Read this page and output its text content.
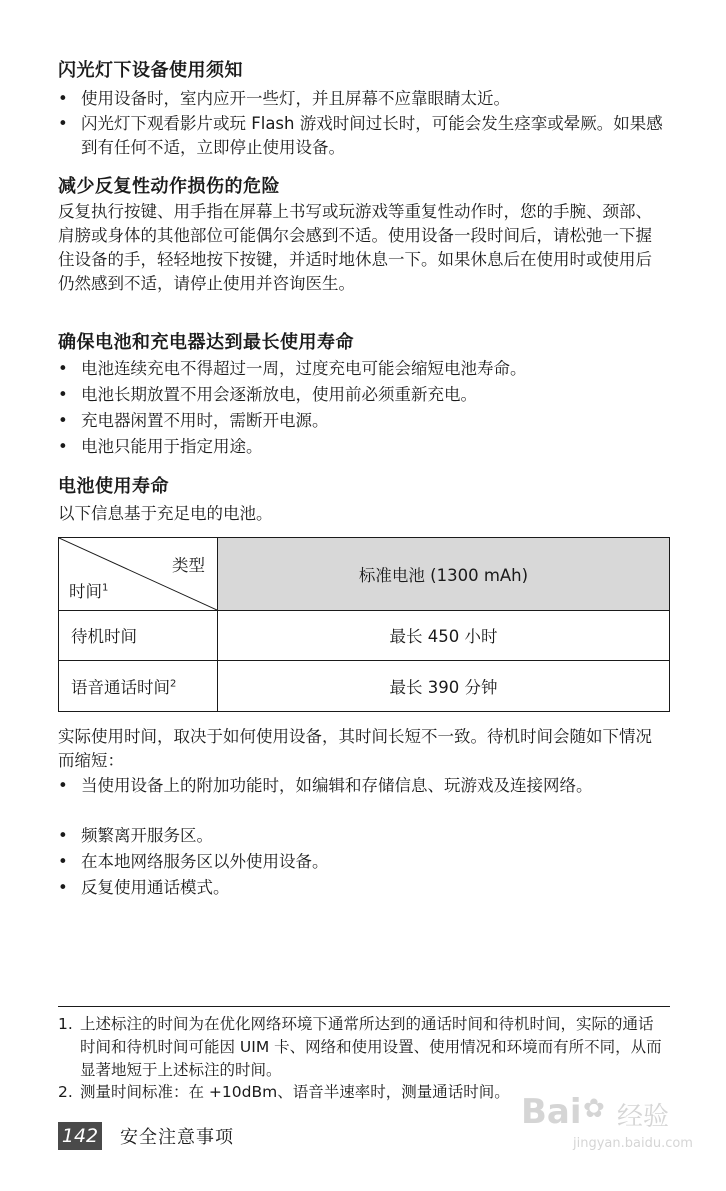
闪光灯下设备使用须知
• 使用设备时，室内应开一些灯，并且屏幕不应靠眼睛太近。
• 闪光灯下观看影片或玩 Flash 游戏时间过长时，可能会发生痉挛或晕厥。如果感到有任何不适，立即停止使用设备。
减少反复性动作损伤的危险
反复执行按键、用手指在屏幕上书写或玩游戏等重复性动作时，您的手腕、颈部、肩膀或身体的其他部位可能偶尔会感到不适。使用设备一段时间后，请松弛一下握住设备的手，轻轻地按下按键，并适时地休息一下。如果休息后在使用时或使用后仍然感到不适，请停止使用并咨询医生。
确保电池和充电器达到最长使用寿命
• 电池连续充电不得超过一周，过度充电可能会缩短电池寿命。
• 电池长期放置不用会逐渐放电，使用前必须重新充电。
• 充电器闲置不用时，需断开电源。
• 电池只能用于指定用途。
电池使用寿命
以下信息基于充足电的电池。
类型
时间$^1$
标准电池 (1300 mAh)
待机时间	最长 450 小时
语音通话时间$^2$	最长 390 分钟
实际使用时间，取决于如何使用设备，其时间长短不一致。待机时间会随如下情况而缩短：
• 当使用设备上的附加功能时，如编辑和存储信息、玩游戏及连接网络。
• 频繁离开服务区。
• 在本地网络服务区以外使用设备。
• 反复使用通话模式。
1. 上述标注的时间为在优化网络环境下通常所达到的通话时间和待机时间，实际的通话时间和待机时间可能因 UIM 卡、网络和使用设置、使用情况和环境而有所不同，从而显著地短于上述标注的时间。
2. 测量时间标准：在 +10dBm、语音半速率时，测量通话时间。
142 安全注意事项
Bai ✿ 经验
jingyan.baidu.com
